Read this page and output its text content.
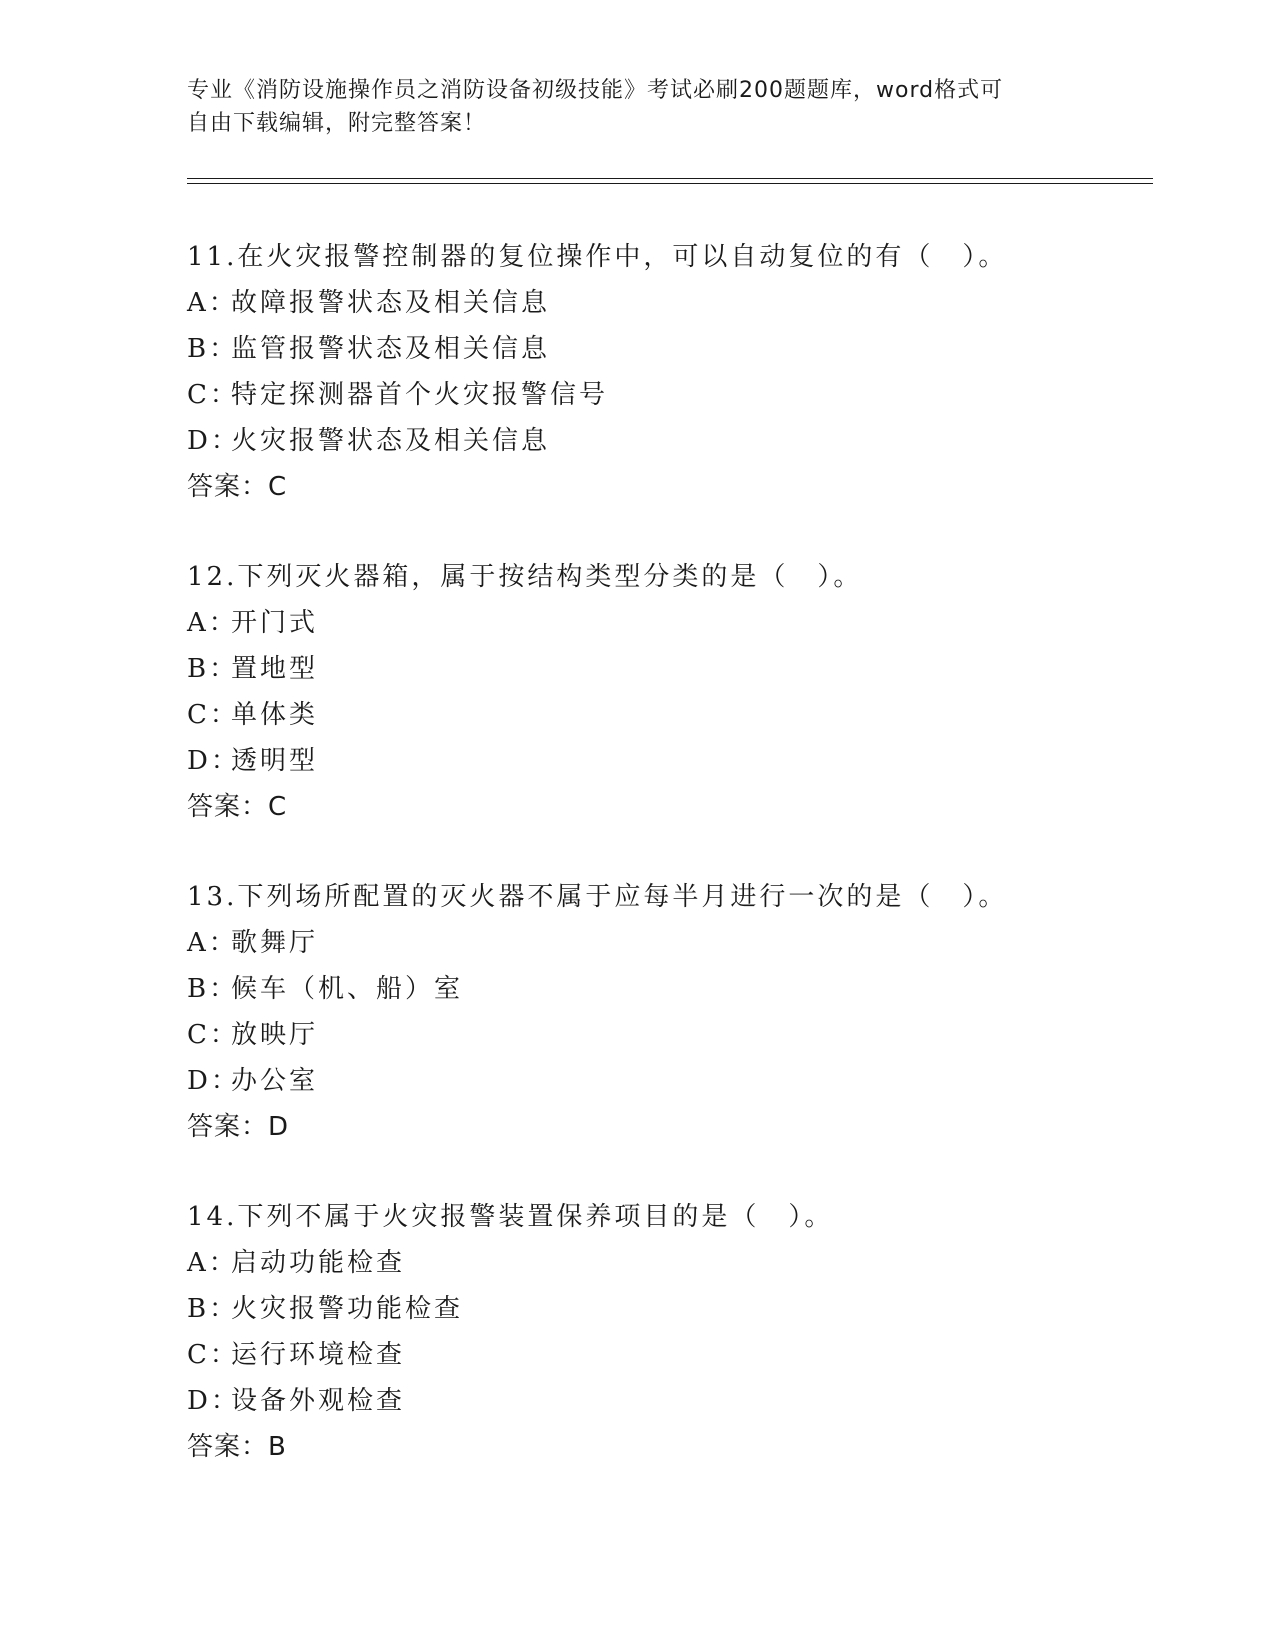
专业《消防设施操作员之消防设备初级技能》考试必刷200题题库，word格式可
自由下载编辑，附完整答案！
11.在火灾报警控制器的复位操作中，可以自动复位的有（　）。
A：故障报警状态及相关信息
B：监管报警状态及相关信息
C：特定探测器首个火灾报警信号
D：火灾报警状态及相关信息
答案：C
12.下列灭火器箱，属于按结构类型分类的是（　）。
A：开门式
B：置地型
C：单体类
D：透明型
答案：C
13.下列场所配置的灭火器不属于应每半月进行一次的是（　）。
A：歌舞厅
B：候车（机、船）室
C：放映厅
D：办公室
答案：D
14.下列不属于火灾报警装置保养项目的是（　）。
A：启动功能检查
B：火灾报警功能检查
C：运行环境检查
D：设备外观检查
答案：B
